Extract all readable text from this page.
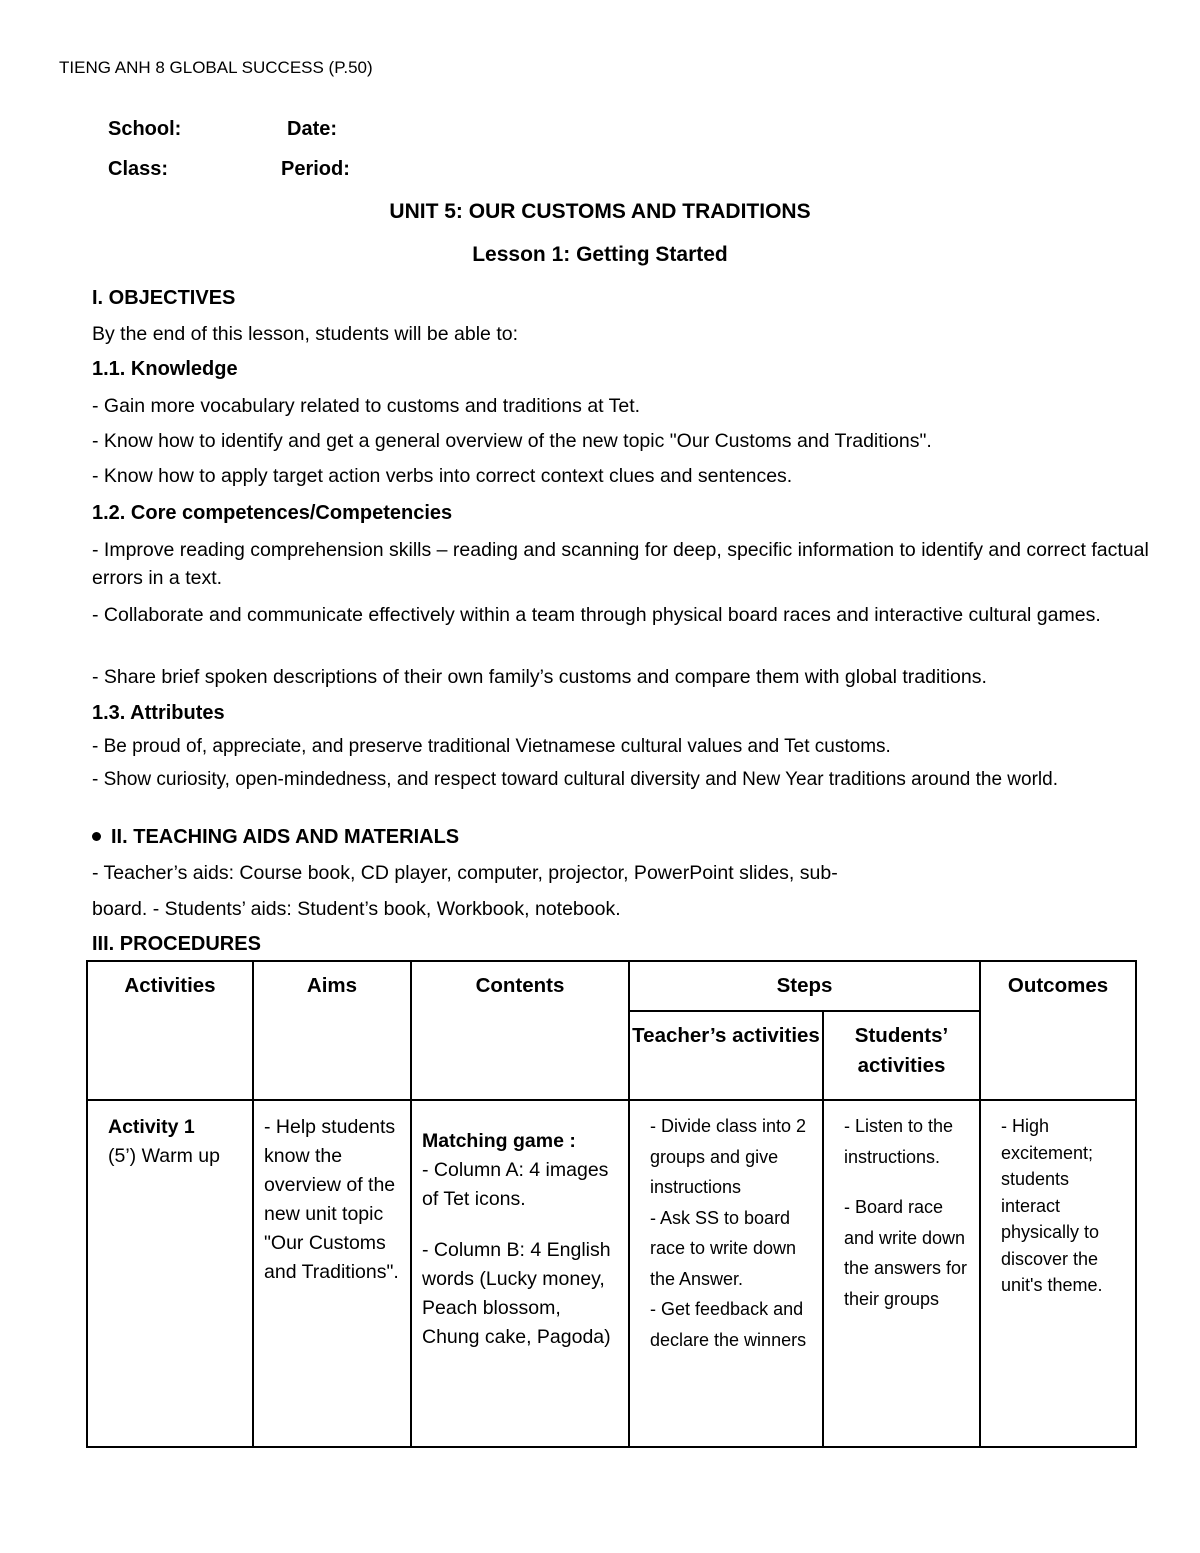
TIENG ANH 8 GLOBAL SUCCESS (P.50)
School:	Date:
Class:	Period:
UNIT 5: OUR CUSTOMS AND TRADITIONS
Lesson 1: Getting Started
I. OBJECTIVES
By the end of this lesson, students will be able to:
1.1. Knowledge
- Gain more vocabulary related to customs and traditions at Tet.
- Know how to identify and get a general overview of the new topic "Our Customs and Traditions".
- Know how to apply target action verbs into correct context clues and sentences.
1.2. Core competences/Competencies
- Improve reading comprehension skills – reading and scanning for deep, specific information to identify and correct factual errors in a text.
- Collaborate and communicate effectively within a team through physical board races and interactive cultural games.
- Share brief spoken descriptions of their own family’s customs and compare them with global traditions.
1.3. Attributes
- Be proud of, appreciate, and preserve traditional Vietnamese cultural values and Tet customs.
- Show curiosity, open-mindedness, and respect toward cultural diversity and New Year traditions around the world.
II. TEACHING AIDS AND MATERIALS
- Teacher’s aids: Course book, CD player, computer, projector, PowerPoint slides, sub-
board. - Students’ aids: Student’s book, Workbook, notebook.
III. PROCEDURES
Activities	Aims	Contents	Steps		Outcomes
			Teacher’s activities	Students’ activities	

Activity 1
(5’) Warm up	- Help students know the overview of the new unit topic "Our Customs and Traditions".	Matching game :
- Column A: 4 images of Tet icons.
- Column B: 4 English words (Lucky money, Peach blossom, Chung cake, Pagoda)	- Divide class into 2 groups and give instructions
- Ask SS to board race to write down the Answer.
- Get feedback and declare the winners	- Listen to the instructions.
- Board race and write down the answers for their groups	- High excitement; students interact physically to discover the unit's theme.
